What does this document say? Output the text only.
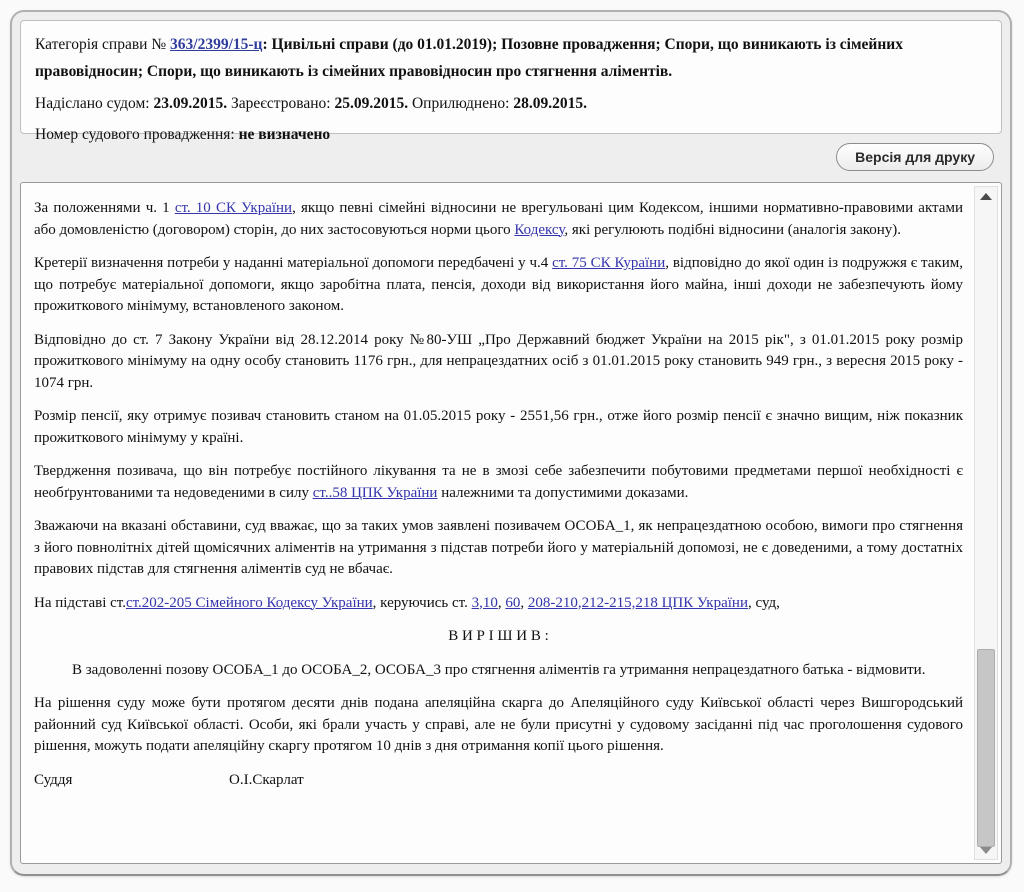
Категорія справи № 363/2399/15-ц: Цивільні справи (до 01.01.2019); Позовне провадження; Спори, що виникають із сімейних правовідносин; Спори, що виникають із сімейних правовідносин про стягнення аліментів.

Надіслано судом: 23.09.2015. Зареєстровано: 25.09.2015. Оприлюднено: 28.09.2015.

Номер судового провадження: не визначено

Версія для друку

За положеннями ч. 1 ст. 10 СК України, якщо певні сімейні відносини не врегульовані цим Кодексом, іншими нормативно-правовими актами або домовленістю (договором) сторін, до них застосовуються норми цього Кодексу, які регулюють подібні відносини (аналогія закону).

Кретерії визначення потреби у наданні матеріальної допомоги передбачені у ч.4 ст. 75 СК Кураїни, відповідно до якої один із подружжя є таким, що потребує матеріальної допомоги, якщо заробітна плата, пенсія, доходи від використання його майна, інші доходи не забезпечують йому прожиткового мінімуму, встановленого законом.

Відповідно до ст. 7 Закону України від 28.12.2014 року №80-УШ „Про Державний бюджет України на 2015 рік", з 01.01.2015 року розмір прожиткового мінімуму на одну особу становить 1176 грн., для непрацездатних осіб з 01.01.2015 року становить 949 грн., з вересня 2015 року - 1074 грн.

Розмір пенсії, яку отримує позивач становить станом на 01.05.2015 року - 2551,56 грн., отже його розмір пенсії є значно вищим, ніж показник прожиткового мінімуму у країні.

Твердження позивача, що він потребує постійного лікування та не в змозі себе забезпечити побутовими предметами першої необхідності є необґрунтованими та недоведеними в силу ст..58 ЦПК України належними та допустимими доказами.

Зважаючи на вказані обставини, суд вважає, що за таких умов заявлені позивачем ОСОБА_1, як непрацездатною особою, вимоги про стягнення з його повнолітніх дітей щомісячних аліментів на утримання з підстав потреби його у матеріальній допомозі, не є доведеними, а тому достатніх правових підстав для стягнення аліментів суд не вбачає.

На підставі ст.ст.202-205 Сімейного Кодексу України, керуючись ст. 3,10, 60, 208-210,212-215,218 ЦПК України, суд,

В И Р І Ш И В :

В задоволенні позову ОСОБА_1 до ОСОБА_2, ОСОБА_3 про стягнення аліментів га утримання непрацездатного батька - відмовити.

На рішення суду може бути протягом десяти днів подана апеляційна скарга до Апеляційного суду Київської області через Вишгородський районний суд Київської області. Особи, які брали участь у справі, але не були присутні у судовому засіданні під час проголошення судового рішення, можуть подати апеляційну скаргу протягом 10 днів з дня отримання копії цього рішення.

Суддя	О.І.Скарлат
